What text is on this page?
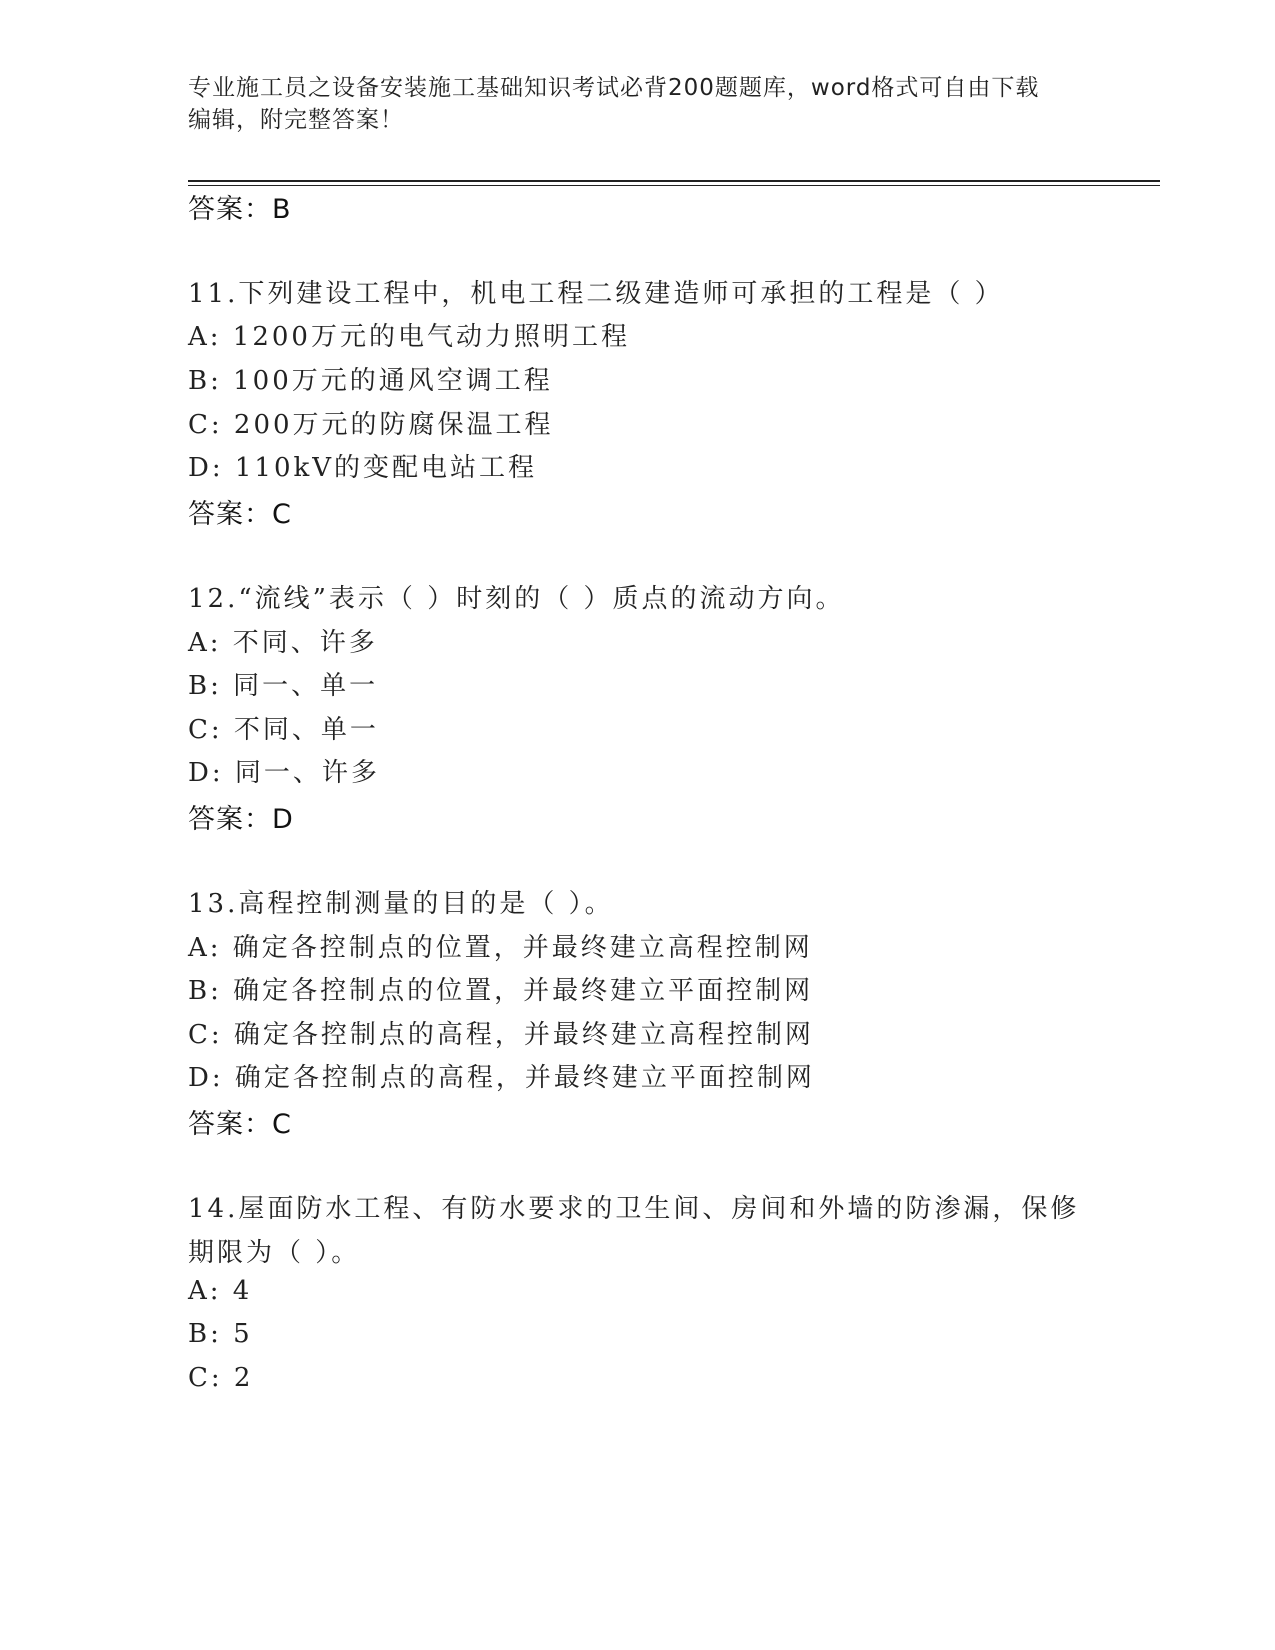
专业施工员之设备安装施工基础知识考试必背200题题库，word格式可自由下载
编辑，附完整答案！
答案：B
11.下列建设工程中，机电工程二级建造师可承担的工程是（ ）
A: 1200万元的电气动力照明工程
B: 100万元的通风空调工程
C: 200万元的防腐保温工程
D: 110kV的变配电站工程
答案：C
12.“流线”表示（ ）时刻的（ ）质点的流动方向。
A: 不同、许多
B: 同一、单一
C: 不同、单一
D: 同一、许多
答案：D
13.高程控制测量的目的是（ ）。
A: 确定各控制点的位置，并最终建立高程控制网
B: 确定各控制点的位置，并最终建立平面控制网
C: 确定各控制点的高程，并最终建立高程控制网
D: 确定各控制点的高程，并最终建立平面控制网
答案：C
14.屋面防水工程、有防水要求的卫生间、房间和外墙的防渗漏，保修
期限为（ ）。
A: 4
B: 5
C: 2
